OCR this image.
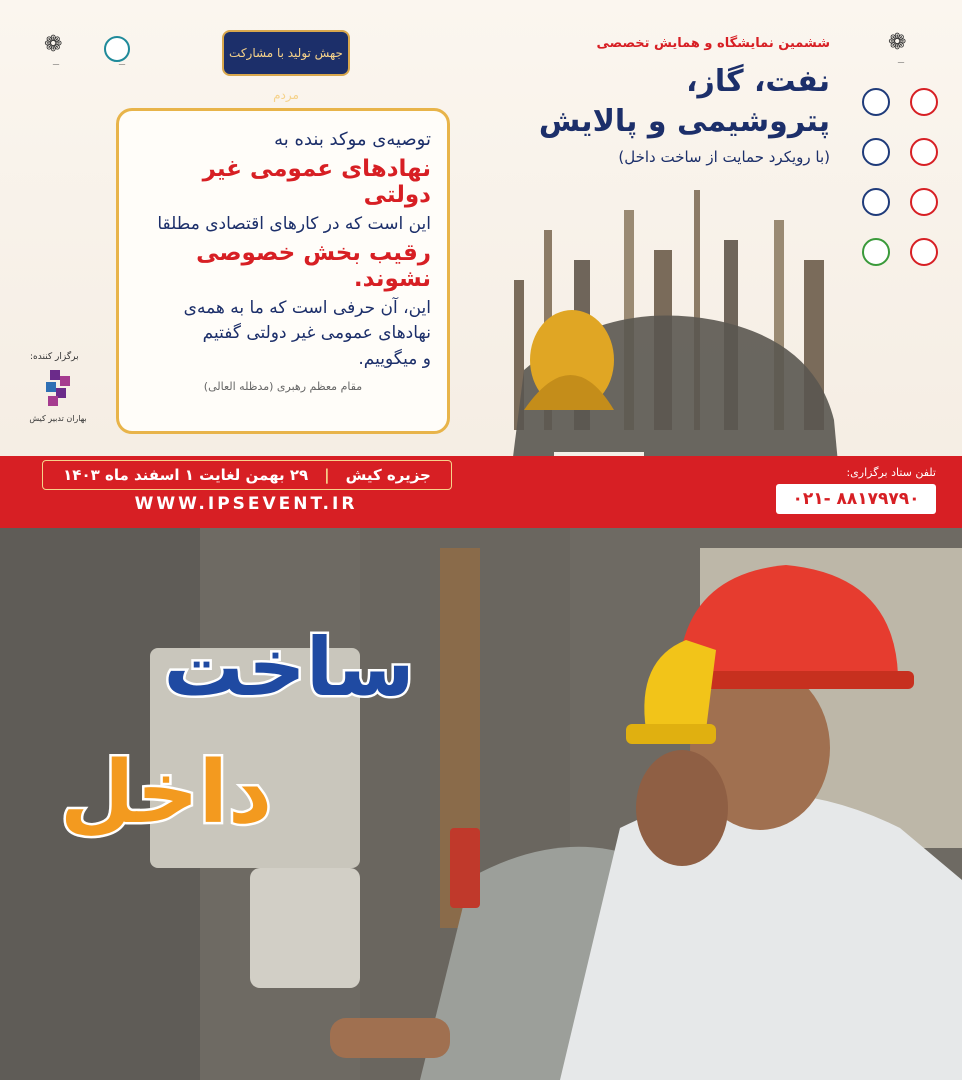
❁
—	—
جهش تولید با مشارکت مردم
❁
—
ششمین نمایشگاه و همایش تخصصی
نفت، گاز،
پتروشیمی و پالایش
(با رویکرد حمایت از ساخت داخل)
توصیه‌ی موکد بنده به
نهادهای عمومی غیر دولتی
این است که در کارهای اقتصادی مطلقا
رقیب بخش خصوصی نشوند.
این، آن حرفی است که ما به همه‌ی
نهادهای عمومی غیر دولتی گفتیم
و میگوییم.
مقام معظم رهبری (مدظله العالی)
برگزار کننده:
بهاران تدبیر کیش
جزیره کیش
|
۲۹ بهمن لغایت ۱ اسفند ماه ۱۴۰۳
WWW.IPSEVENT.IR
تلفن ستاد برگزاری:
۰۲۱- ۸۸۱۷۹۷۹۰
ساخت
داخل
